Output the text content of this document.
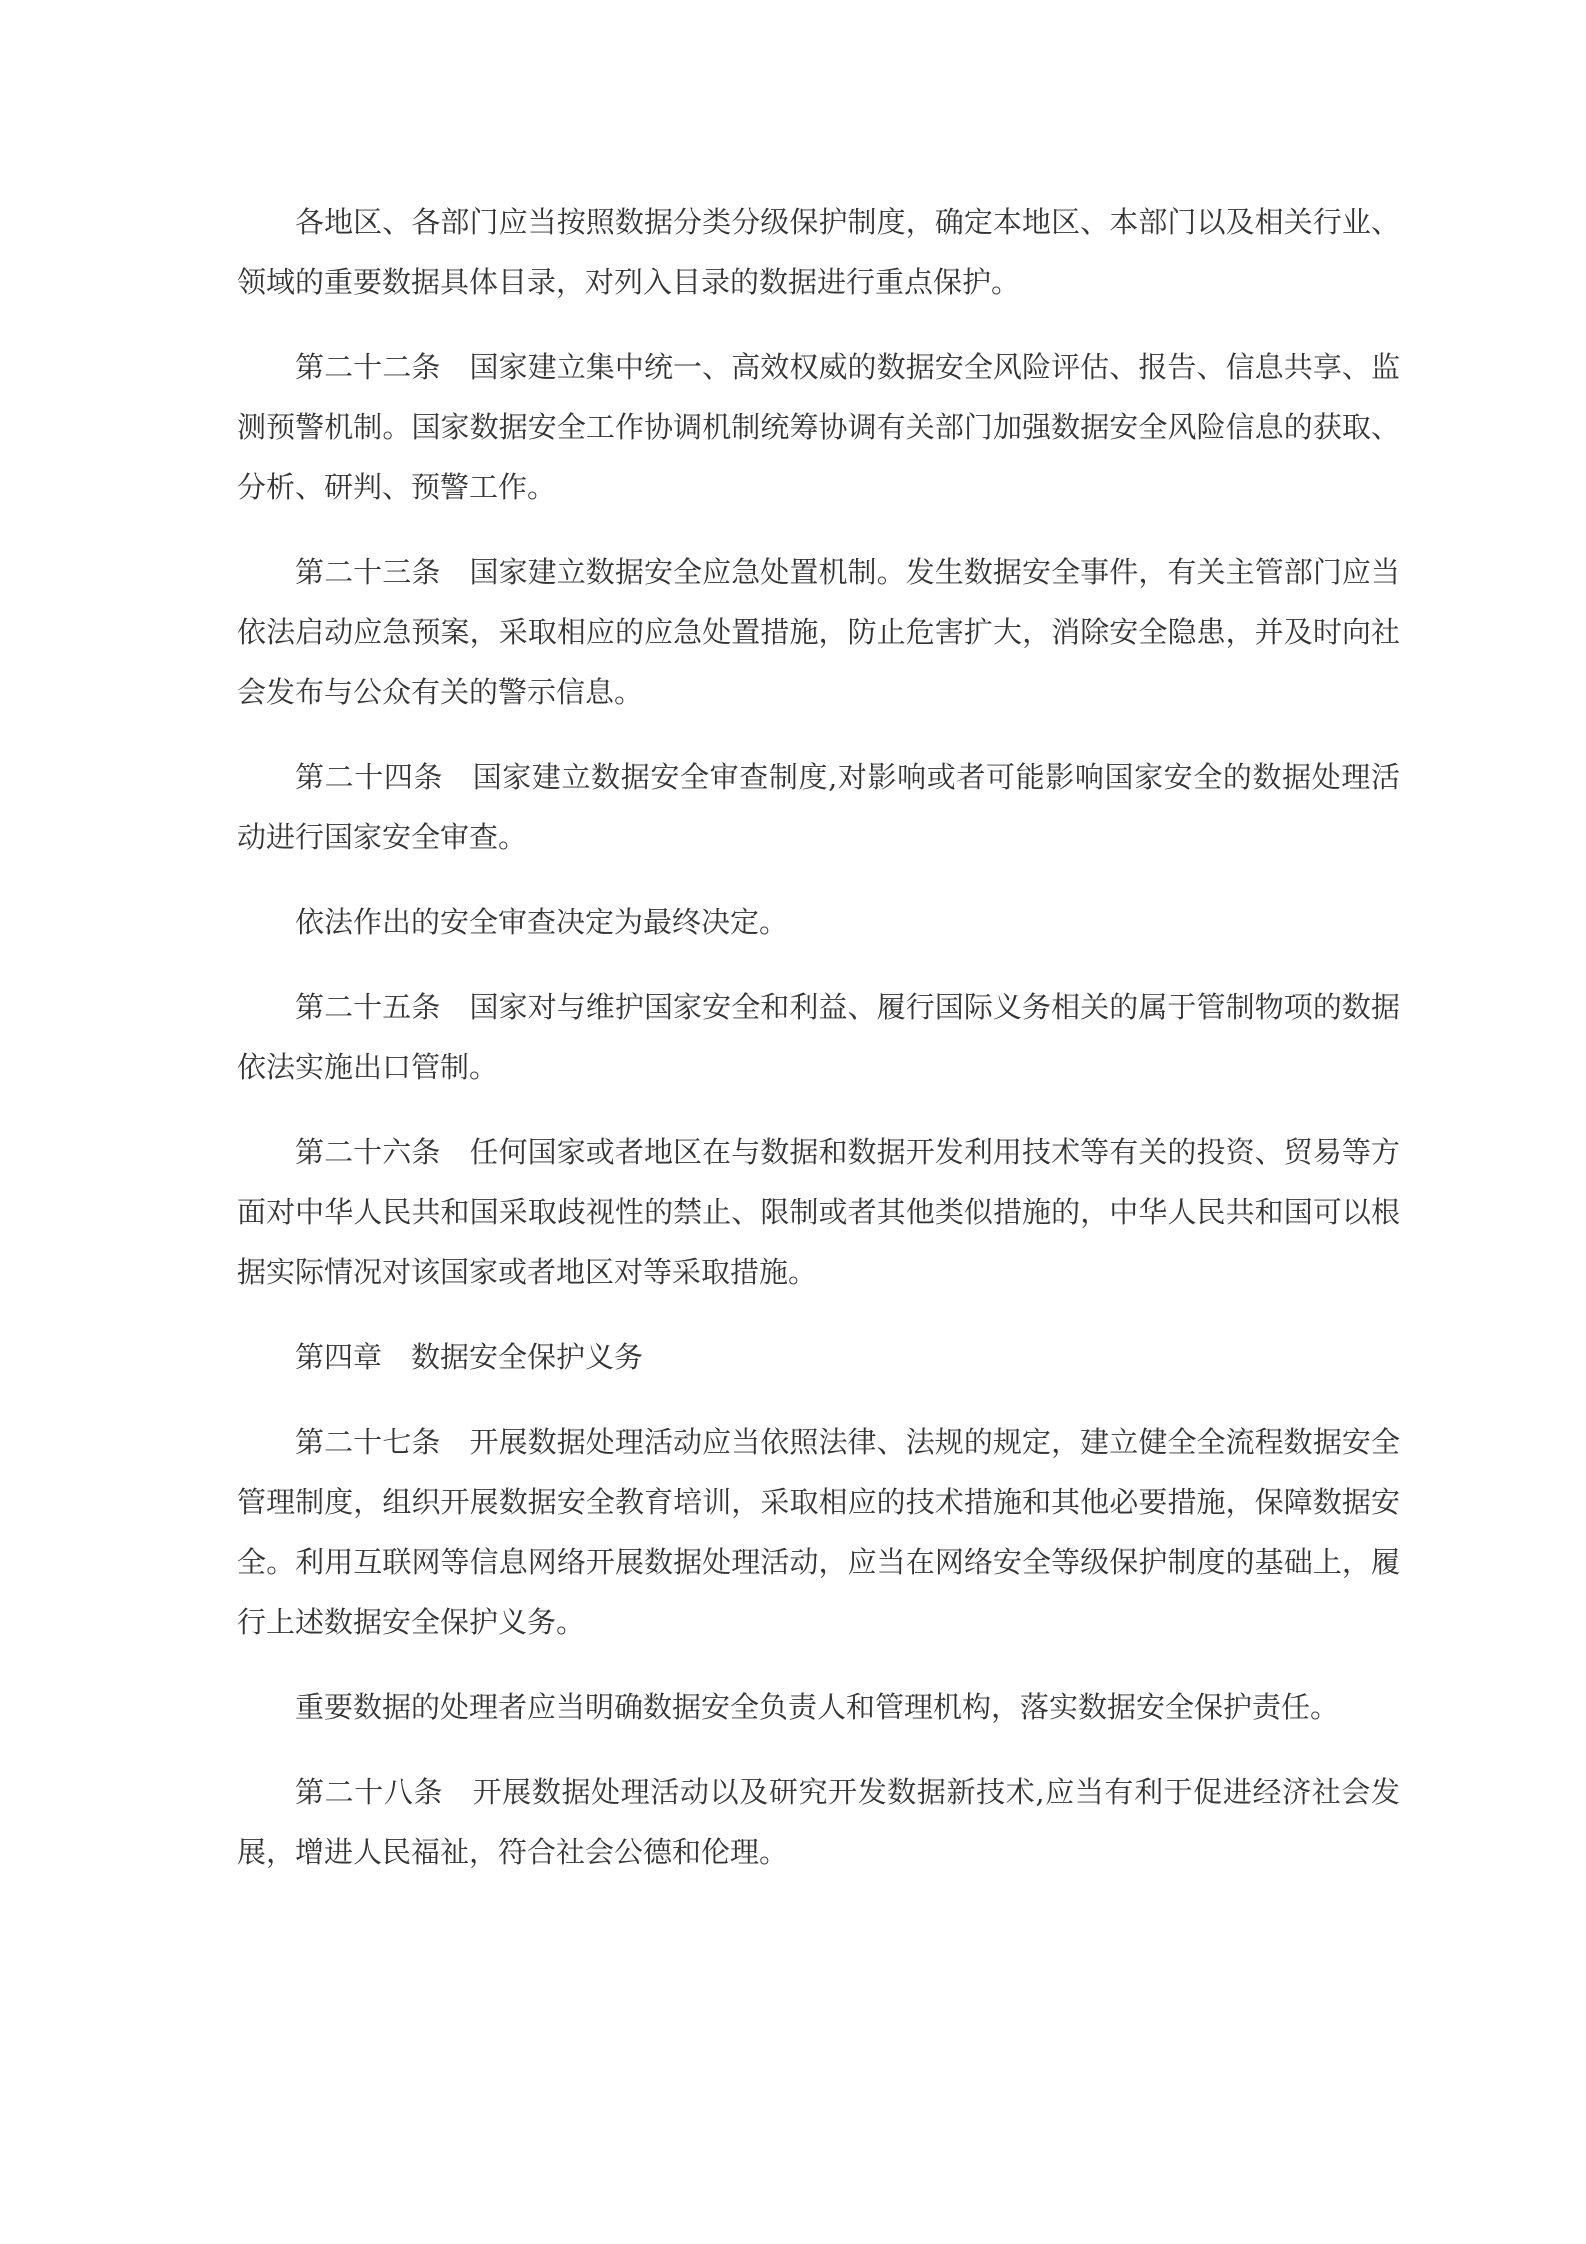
各地区、各部门应当按照数据分类分级保护制度，确定本地区、本部门以及相关行业、
领域的重要数据具体目录，对列入目录的数据进行重点保护。
第二十二条　国家建立集中统一、高效权威的数据安全风险评估、报告、信息共享、监
测预警机制。国家数据安全工作协调机制统筹协调有关部门加强数据安全风险信息的获取、
分析、研判、预警工作。
第二十三条　国家建立数据安全应急处置机制。发生数据安全事件，有关主管部门应当
依法启动应急预案，采取相应的应急处置措施，防止危害扩大，消除安全隐患，并及时向社
会发布与公众有关的警示信息。
第二十四条　国家建立数据安全审查制度,对影响或者可能影响国家安全的数据处理活
动进行国家安全审查。
依法作出的安全审查决定为最终决定。
第二十五条　国家对与维护国家安全和利益、履行国际义务相关的属于管制物项的数据
依法实施出口管制。
第二十六条　任何国家或者地区在与数据和数据开发利用技术等有关的投资、贸易等方
面对中华人民共和国采取歧视性的禁止、限制或者其他类似措施的，中华人民共和国可以根
据实际情况对该国家或者地区对等采取措施。
第四章　数据安全保护义务
第二十七条　开展数据处理活动应当依照法律、法规的规定，建立健全全流程数据安全
管理制度，组织开展数据安全教育培训，采取相应的技术措施和其他必要措施，保障数据安
全。利用互联网等信息网络开展数据处理活动，应当在网络安全等级保护制度的基础上，履
行上述数据安全保护义务。
重要数据的处理者应当明确数据安全负责人和管理机构，落实数据安全保护责任。
第二十八条　开展数据处理活动以及研究开发数据新技术,应当有利于促进经济社会发
展，增进人民福祉，符合社会公德和伦理。
